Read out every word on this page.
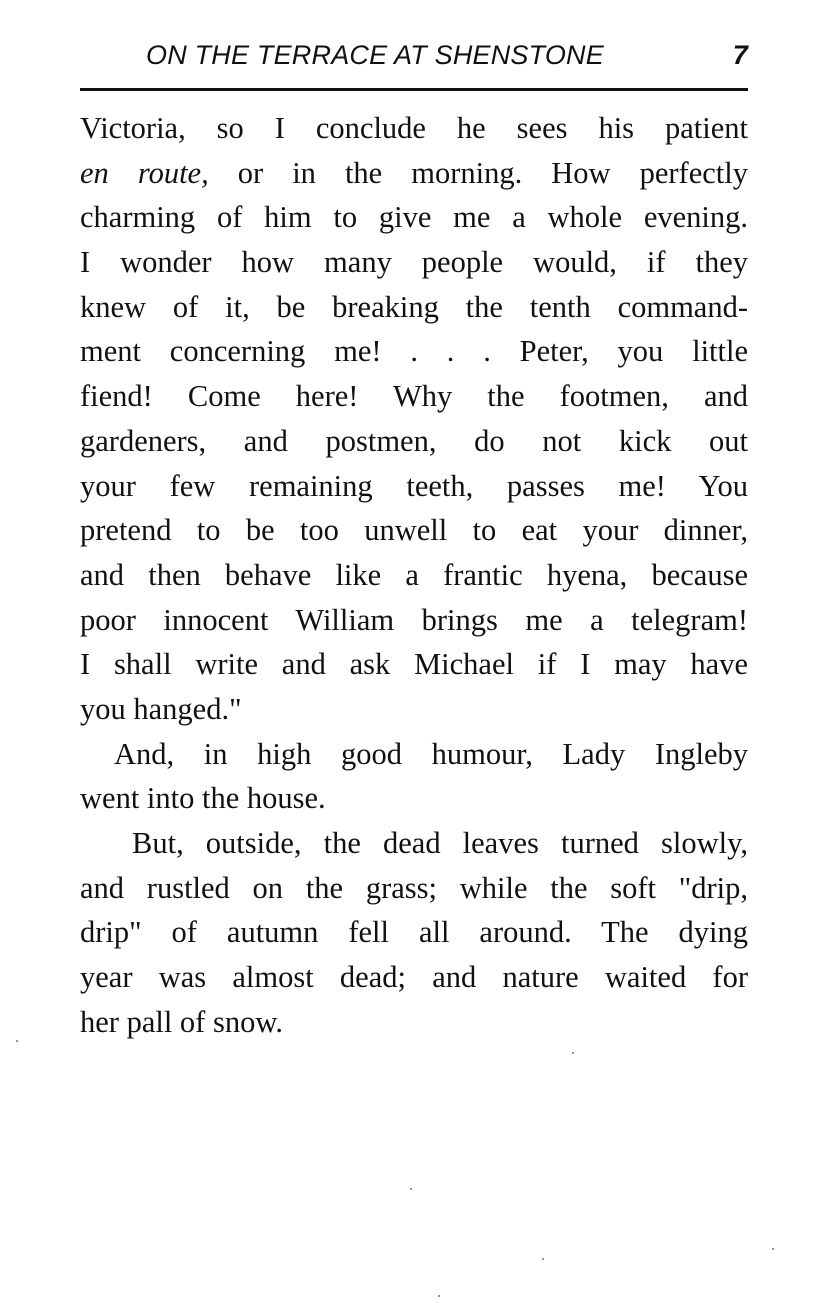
ON THE TERRACE AT SHENSTONE	7
Victoria, so I conclude he sees his patient
en route, or in the morning. How perfectly
charming of him to give me a whole evening.
I wonder how many people would, if they
knew of it, be breaking the tenth command-
ment concerning me! . . . Peter, you little
fiend! Come here! Why the footmen, and
gardeners, and postmen, do not kick out
your few remaining teeth, passes me! You
pretend to be too unwell to eat your dinner,
and then behave like a frantic hyena, because
poor innocent William brings me a telegram!
I shall write and ask Michael if I may have
you hanged."
And, in high good humour, Lady Ingleby
went into the house.
But, outside, the dead leaves turned slowly,
and rustled on the grass; while the soft "drip,
drip" of autumn fell all around. The dying
year was almost dead; and nature waited for
her pall of snow.
